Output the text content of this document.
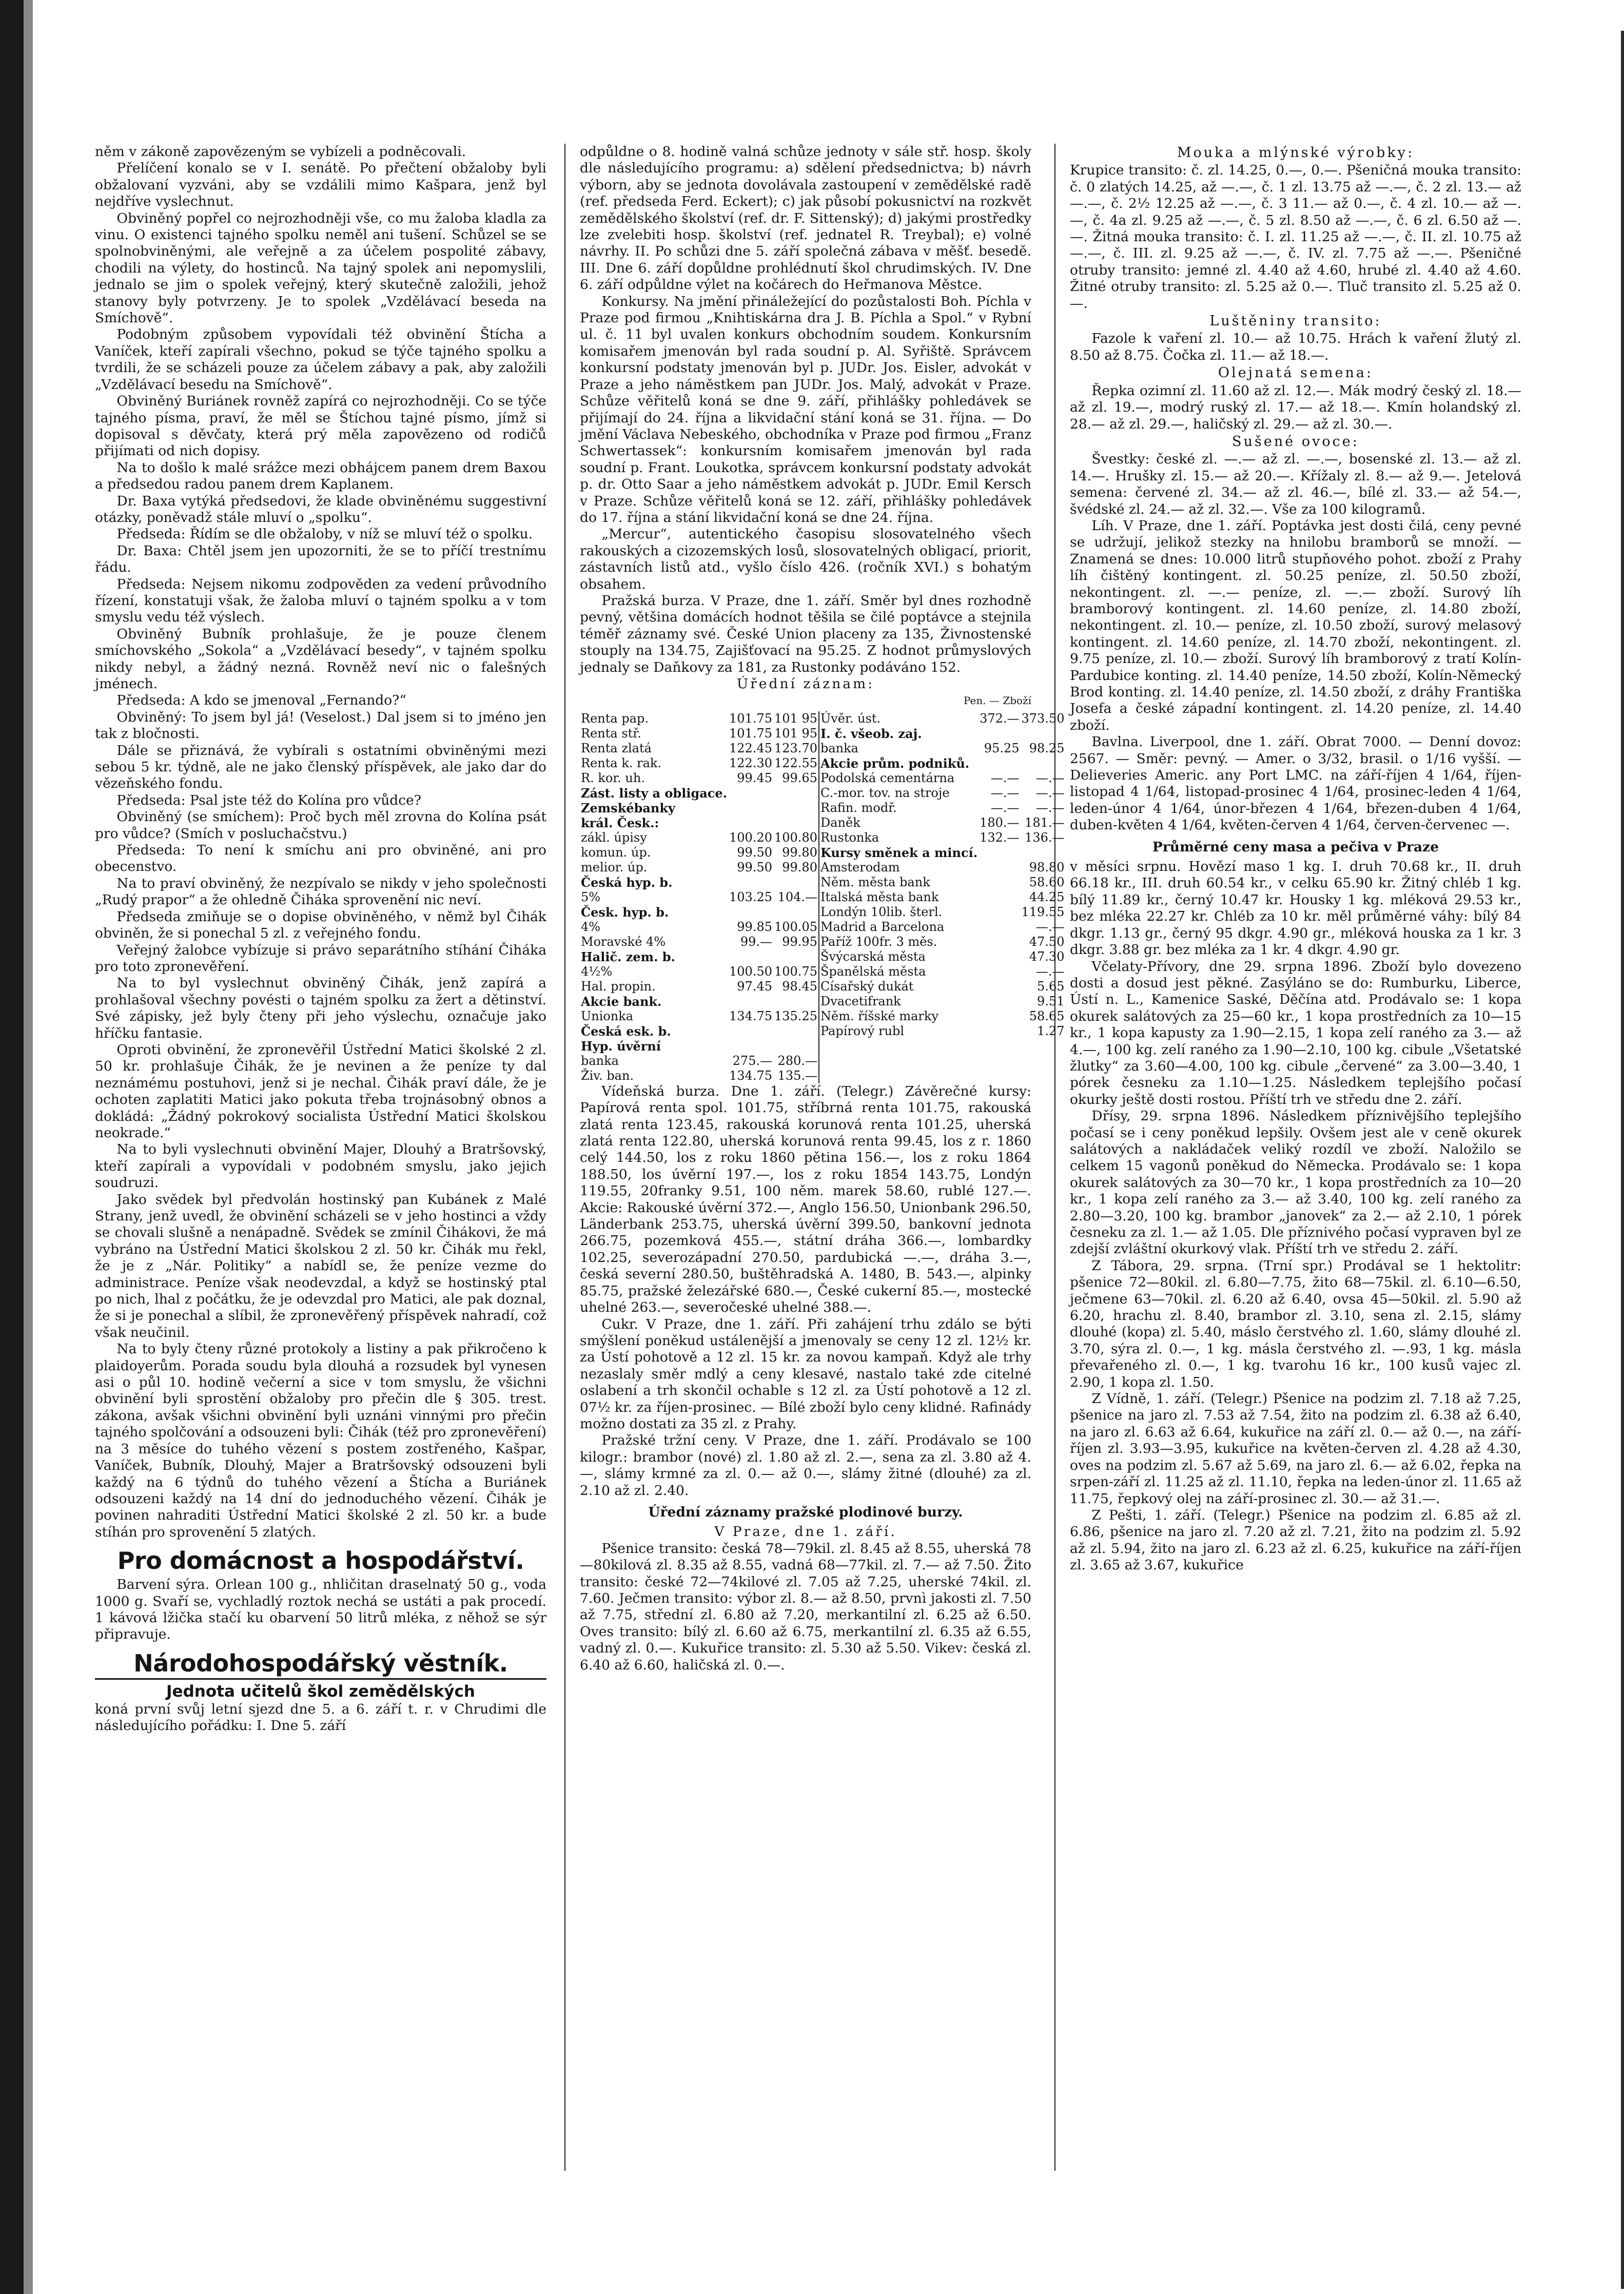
něm v zákoně zapovězeným se vybízeli a podněcovali.

Přelíčení konalo se v I. senátě. Po přečtení obžaloby byli obžalovaní vyzváni, aby se vzdálili mimo Kašpara, jenž byl nejdříve vyslechnut.

Obviněný popřel co nejrozhodněji vše, co mu žaloba kladla za vinu. O existenci tajného spolku neměl ani tušení. Schůzel se se spolnobviněnými, ale veřejně a za účelem pospolité zábavy, chodili na výlety, do hostinců. Na tajný spolek ani nepomyslili, jednalo se jim o spolek veřejný, který skutečně založili, jehož stanovy byly potvrzeny. Je to spolek „Vzdělávací beseda na Smíchově“.

Podobným způsobem vypovídali též obvinění Štícha a Vaníček, kteří zapírali všechno, pokud se týče tajného spolku a tvrdili, že se scházeli pouze za účelem zábavy a pak, aby založili „Vzdělávací besedu na Smíchově“.

Obviněný Buriánek rovněž zapírá co nejrozhodněji. Co se týče tajného písma, praví, že měl se Štíchou tajné písmo, jímž si dopisoval s děvčaty, která prý měla zapovězeno od rodičů přijímati od nich dopisy.

Na to došlo k malé srážce mezi obhájcem panem drem Baxou a předsedou radou panem drem Kaplanem.

Dr. Baxa vytýká předsedovi, že klade obviněnému suggestivní otázky, poněvadž stále mluví o „spolku“.

Předseda: Řídím se dle obžaloby, v níž se mluví též o spolku.

Dr. Baxa: Chtěl jsem jen upozorniti, že se to příčí trestnímu řádu.

Předseda: Nejsem nikomu zodpověden za vedení průvodního řízení, konstatuji však, že žaloba mluví o tajném spolku a v tom smyslu vedu též výslech.

Obviněný Bubník prohlašuje, že je pouze členem smíchovského „Sokola“ a „Vzdělávací besedy“, v tajném spolku nikdy nebyl, a žádný nezná. Rovněž neví nic o falešných jménech.

Předseda: A kdo se jmenoval „Fernando?“

Obviněný: To jsem byl já! (Veselost.) Dal jsem si to jméno jen tak z bločnosti.

Dále se přiznává, že vybírali s ostatními obviněnými mezi sebou 5 kr. týdně, ale ne jako členský příspěvek, ale jako dar do vězeňského fondu.

Předseda: Psal jste též do Kolína pro vůdce?

Obviněný (se smíchem): Proč bych měl zrovna do Kolína psát pro vůdce? (Smích v posluchačstvu.)

Předseda: To není k smíchu ani pro obviněné, ani pro obecenstvo.

Na to praví obviněný, že nezpívalo se nikdy v jeho společnosti „Rudý prapor“ a že ohledně Čiháka sprovenění nic neví.

Předseda zmiňuje se o dopise obviněného, v němž byl Čihák obviněn, že si ponechal 5 zl. z veřejného fondu.

Veřejný žalobce vybízuje si právo separátního stíhání Čiháka pro toto zpronevěření.

Na to byl vyslechnut obviněný Čihák, jenž zapírá a prohlašoval všechny povésti o tajném spolku za žert a dětinství. Své zápisky, jež byly čteny při jeho výslechu, označuje jako hříčku fantasie.

Oproti obvinění, že zpronevěřil Ústřední Matici školské 2 zl. 50 kr. prohlašuje Čihák, že je nevinen a že peníze ty dal neznámému postuhovi, jenž si je nechal. Čihák praví dále, že je ochoten zaplatiti Matici jako pokuta třeba trojnásobný obnos a dokládá: „Žádný pokrokový socialista Ústřední Matici školskou neokrade.“

Na to byli vyslechnuti obvinění Majer, Dlouhý a Bratršovský, kteří zapírali a vypovídali v podobném smyslu, jako jejich soudruzi.

Jako svědek byl předvolán hostinský pan Kubánek z Malé Strany, jenž uvedl, že obvinění scházeli se v jeho hostinci a vždy se chovali slušně a nenápadně. Svědek se zmínil Čihákovi, že má vybráno na Ústřední Matici školskou 2 zl. 50 kr. Čihák mu řekl, že je z „Nár. Politiky“ a nabídl se, že peníze vezme do administrace. Peníze však neodevzdal, a když se hostinský ptal po nich, lhal z počátku, že je odevzdal pro Matici, ale pak doznal, že si je ponechal a slíbil, že zpronevěřený příspěvek nahradí, což však neučinil.

Na to byly čteny různé protokoly a listiny a pak přikročeno k plaidoyerům. Porada soudu byla dlouhá a rozsudek byl vynesen asi o půl 10. hodině večerní a sice v tom smyslu, že všichni obvinění byli sprostění obžaloby pro přečin dle § 305. trest. zákona, avšak všichni obvinění byli uznáni vinnými pro přečin tajného spolčování a odsouzeni byli: Čihák (též pro zpronevěření) na 3 měsíce do tuhého vězení s postem zostřeného, Kašpar, Vaníček, Bubník, Dlouhý, Majer a Bratršovský odsouzeni byli každý na 6 týdnů do tuhého vězení a Štícha a Buriánek odsouzeni každý na 14 dní do jednoduchého vězení. Čihák je povinen nahraditi Ústřední Matici školské 2 zl. 50 kr. a bude stíhán pro sprovenění 5 zlatých.

Pro domácnost a hospodářství.

Barvení sýra. Orlean 100 g., nhličitan draselnatý 50 g., voda 1000 g. Svaří se, vychladlý roztok nechá se ustáti a pak procedí. 1 kávová lžička stačí ku obarvení 50 litrů mléka, z něhož se sýr připravuje.

Národohospodářský věstník.
Jednota učitelů škol zemědělských

koná první svůj letní sjezd dne 5. a 6. září t. r. v Chrudimi dle následujícího pořádku: I. Dne 5. září

odpůldne o 8. hodině valná schůze jednoty v sále stř. hosp. školy dle následujícího programu: a) sdělení předsednictva; b) návrh výborn, aby se jednota dovolávala zastoupení v zemědělské radě (ref. předseda Ferd. Eckert); c) jak působí pokusnictví na rozkvět zemědělského školství (ref. dr. F. Sittenský); d) jakými prostředky lze zvelebiti hosp. školství (ref. jednatel R. Treybal); e) volné návrhy. II. Po schůzi dne 5. září společná zábava v měšť. besedě. III. Dne 6. září dopůldne prohlédnutí škol chrudimských. IV. Dne 6. září odpůldne výlet na kočárech do Heřmanova Městce.

Konkursy. Na jmění přináležející do pozůstalosti Boh. Píchla v Praze pod firmou „Knihtiskárna dra J. B. Píchla a Spol.“ v Rybní ul. č. 11 byl uvalen konkurs obchodním soudem. Konkursním komisařem jmenován byl rada soudní p. Al. Syřiště. Správcem konkursní podstaty jmenován byl p. JUDr. Jos. Eisler, advokát v Praze a jeho náměstkem pan JUDr. Jos. Malý, advokát v Praze. Schůze věřitelů koná se dne 9. září, přihlášky pohledávek se přijímají do 24. října a likvidační stání koná se 31. října. — Do jmění Václava Nebeského, obchodníka v Praze pod firmou „Franz Schwertassek“: konkursním komisařem jmenován byl rada soudní p. Frant. Loukotka, správcem konkursní podstaty advokát p. dr. Otto Saar a jeho náměstkem advokát p. JUDr. Emil Kersch v Praze. Schůze věřitelů koná se 12. září, přihlášky pohledávek do 17. října a stání likvidační koná se dne 24. října.

„Mercur“, autentického časopisu slosovatelného všech rakouských a cizozemských losů, slosovatelných obligací, priorit, zástavních listů atd., vyšlo číslo 426. (ročník XVI.) s bohatým obsahem.

Pražská burza. V Praze, dne 1. září. Směr byl dnes rozhodně pevný, většina domácích hodnot těšila se čilé poptávce a stejnila téměř záznamy své. České Union placeny za 135, Živnostenské stouply na 134.75, Zajišťovací na 95.25. Z hodnot průmyslových jednaly se Daňkovy za 181, za Rustonky podáváno 152.

Úřední záznam:
Pen. — Zboží
Renta pap.	101.75	101 95		Úvěr. úst.	372.—	373.50
Renta stř.	101.75	101 95		I. č. všeob. zaj.		
Renta zlatá	122.45	123.70		banka	95.25	98.25
Renta k. rak.	122.30	122.55		Akcie prům. podniků.		
R. kor. uh.	99.45	99.65		Podolská cementárna	—.—	—.—
Zást. listy a obligace.				C.-mor. tov. na stroje	—.—	—.—
Zemskébanky				Rafin. modř.	—.—	—.—
král. Česk.:				Daněk	180.—	181.—
zákl. úpisy	100.20	100.80		Rustonka	132.—	136.—
komun. úp.	99.50	99.80		Kursy směnek a mincí.		
melior. úp.	99.50	99.80		Amsterodam		98.80
Česká hyp. b.				Něm. města bank		58.60
5%	103.25	104.—		Italská města bank		44.25
Česk. hyp. b.				Londýn 10lib. šterl.		119.55
4%	99.85	100.05		Madrid a Barcelona		—.—
Moravské 4%	99.—	99.95		Paříž 100fr. 3 měs.		47.50
Halič. zem. b.				Švýcarská města		47.30
4½%	100.50	100.75		Španělská města		—.—
Hal. propin.	97.45	98.45		Císařský dukát		5.65
Akcie bank.				Dvacetifrank		9.51
Unionka	134.75	135.25		Něm. říšské marky		58.65
Česká esk. b.				Papírový rubl		1.27
Hyp. úvěrní						
banka	275.—	280.—				
Živ. ban.	134.75	135.—				

Vídeňská burza. Dne 1. září. (Telegr.) Závěrečné kursy: Papírová renta spol. 101.75, stříbrná renta 101.75, rakouská zlatá renta 123.45, rakouská korunová renta 101.25, uherská zlatá renta 122.80, uherská korunová renta 99.45, los z r. 1860 celý 144.50, los z roku 1860 pětina 156.—, los z roku 1864 188.50, los úvěrní 197.—, los z roku 1854 143.75, Londýn 119.55, 20franky 9.51, 100 něm. marek 58.60, rublé 127.—. Akcie: Rakouské úvěrní 372.—, Anglo 156.50, Unionbank 296.50, Länderbank 253.75, uherská úvěrní 399.50, bankovní jednota 266.75, pozemková 455.—, státní dráha 366.—, lombardky 102.25, severozápadní 270.50, pardubická —.—, dráha 3.—, česká severní 280.50, buštěhradská A. 1480, B. 543.—, alpinky 85.75, pražské železářské 680.—, České cukerní 85.—, mostecké uhelné 263.—, severočeské uhelné 388.—.

Cukr. V Praze, dne 1. září. Při zahájení trhu zdálo se býti smýšlení poněkud ustálenější a jmenovaly se ceny 12 zl. 12½ kr. za Ústí pohotově a 12 zl. 15 kr. za novou kampaň. Když ale trhy nezaslaly směr mdlý a ceny klesavé, nastalo také zde citelné oslabení a trh skončil ochable s 12 zl. za Ústí pohotově a 12 zl. 07½ kr. za říjen-prosinec. — Bílé zboží bylo ceny klidné. Rafinády možno dostati za 35 zl. z Prahy.

Pražské tržní ceny. V Praze, dne 1. září. Prodávalo se 100 kilogr.: brambor (nové) zl. 1.80 až zl. 2.—, sena za zl. 3.80 až 4.—, slámy krmné za zl. 0.— až 0.—, slámy žitné (dlouhé) za zl. 2.10 až zl. 2.40.

Úřední záznamy pražské plodinové burzy.
V Praze, dne 1. září.

Pšenice transito: česká 78—79kil. zl. 8.45 až 8.55, uherská 78—80kilová zl. 8.35 až 8.55, vadná 68—77kil. zl. 7.— až 7.50. Žito transito: české 72—74kilové zl. 7.05 až 7.25, uherské 74kil. zl. 7.60. Ječmen transito: výbor zl. 8.— až 8.50, prvnì jakosti zl. 7.50 až 7.75, střední zl. 6.80 až 7.20, merkantilní zl. 6.25 až 6.50. Oves transito: bílý zl. 6.60 až 6.75, merkantilní zl. 6.35 až 6.55, vadný zl. 0.—. Kukuřice transito: zl. 5.30 až 5.50. Vikev: česká zl. 6.40 až 6.60, haličská zl. 0.—.

Mouka a mlýnské výrobky:

Krupice transito: č. zl. 14.25, 0.—, 0.—. Pšeničná mouka transito: č. 0 zlatých 14.25, až —.—, č. 1 zl. 13.75 až —.—, č. 2 zl. 13.— až —.—, č. 2½ 12.25 až —.—, č. 3 11.— až 0.—, č. 4 zl. 10.— až —.—, č. 4a zl. 9.25 až —.—, č. 5 zl. 8.50 až —.—, č. 6 zl. 6.50 až —.—. Žitná mouka transito: č. I. zl. 11.25 až —.—, č. II. zl. 10.75 až —.—, č. III. zl. 9.25 až —.—, č. IV. zl. 7.75 až —.—. Pšeničné otruby transito: jemné zl. 4.40 až 4.60, hrubé zl. 4.40 až 4.60. Žitné otruby transito: zl. 5.25 až 0.—. Tluč transito zl. 5.25 až 0.—.

Luštěniny transito:

Fazole k vaření zl. 10.— až 10.75. Hrách k vaření žlutý zl. 8.50 až 8.75. Čočka zl. 11.— až 18.—.

Olejnatá semena:

Řepka ozimní zl. 11.60 až zl. 12.—. Mák modrý český zl. 18.— až zl. 19.—, modrý ruský zl. 17.— až 18.—. Kmín holandský zl. 28.— až zl. 29.—, haličský zl. 29.— až zl. 30.—.

Sušené ovoce:

Švestky: české zl. —.— až zl. —.—, bosenské zl. 13.— až zl. 14.—. Hrušky zl. 15.— až 20.—. Křížaly zl. 8.— až 9.—. Jetelová semena: červené zl. 34.— až zl. 46.—, bílé zl. 33.— až 54.—, švédské zl. 24.— až zl. 32.—. Vše za 100 kilogramů.

Líh. V Praze, dne 1. září. Poptávka jest dosti čilá, ceny pevné se udržují, jelikož stezky na hnilobu bramborů se množí. — Znamená se dnes: 10.000 litrů stupňového pohot. zboží z Prahy líh čištěný kontingent. zl. 50.25 peníze, zl. 50.50 zboží, nekontingent. zl. —.— peníze, zl. —.— zboží. Surový líh bramborový kontingent. zl. 14.60 peníze, zl. 14.80 zboží, nekontingent. zl. 10.— peníze, zl. 10.50 zboží, surový melasový kontingent. zl. 14.60 peníze, zl. 14.70 zboží, nekontingent. zl. 9.75 peníze, zl. 10.— zboží. Surový líh bramborový z tratí Kolín-Pardubice konting. zl. 14.40 peníze, 14.50 zboží, Kolín-Německý Brod konting. zl. 14.40 peníze, zl. 14.50 zboží, z dráhy Františka Josefa a české západní kontingent. zl. 14.20 peníze, zl. 14.40 zboží.

Bavlna. Liverpool, dne 1. září. Obrat 7000. — Denní dovoz: 2567. — Směr: pevný. — Amer. o 3/32, brasil. o 1/16 vyšší. — Delieveries Americ. any Port LMC. na září-říjen 4 1/64, říjen-listopad 4 1/64, listopad-prosinec 4 1/64, prosinec-leden 4 1/64, leden-únor 4 1/64, únor-březen 4 1/64, březen-duben 4 1/64, duben-květen 4 1/64, květen-červen 4 1/64, červen-červenec —.

Průměrné ceny masa a pečiva v Praze

v měsíci srpnu. Hovězí maso 1 kg. I. druh 70.68 kr., II. druh 66.18 kr., III. druh 60.54 kr., v celku 65.90 kr. Žitný chléb 1 kg. bílý 11.89 kr., černý 10.47 kr. Housky 1 kg. mléková 29.53 kr., bez mléka 22.27 kr. Chléb za 10 kr. měl průměrné váhy: bílý 84 dkgr. 1.13 gr., černý 95 dkgr. 4.90 gr., mléková houska za 1 kr. 3 dkgr. 3.88 gr. bez mléka za 1 kr. 4 dkgr. 4.90 gr.

Včelaty-Přívory, dne 29. srpna 1896. Zboží bylo dovezeno dosti a dosud jest pěkné. Zasýláno se do: Rumburku, Liberce, Ústí n. L., Kamenice Saské, Děčína atd. Prodávalo se: 1 kopa okurek salátových za 25—60 kr., 1 kopa prostředních za 10—15 kr., 1 kopa kapusty za 1.90—2.15, 1 kopa zelí raného za 3.— až 4.—, 100 kg. zelí raného za 1.90—2.10, 100 kg. cibule „Všetatské žlutky“ za 3.60—4.00, 100 kg. cibule „červené“ za 3.00—3.40, 1 pórek česneku za 1.10—1.25. Následkem teplejšího počasí okurky ještě dosti rostou. Příští trh ve středu dne 2. září.

Dřísy, 29. srpna 1896. Následkem příznivějšího teplejšího počasí se i ceny poněkud lepšily. Ovšem jest ale v ceně okurek salátových a nakládaček veliký rozdíl ve zboží. Naložilo se celkem 15 vagonů poněkud do Německa. Prodávalo se: 1 kopa okurek salátových za 30—70 kr., 1 kopa prostředních za 10—20 kr., 1 kopa zelí raného za 3.— až 3.40, 100 kg. zelí raného za 2.80—3.20, 100 kg. brambor „janovek“ za 2.— až 2.10, 1 pórek česneku za zl. 1.— až 1.05. Dle příznivého počasí vypraven byl ze zdejší zvláštní okurkový vlak. Příští trh ve středu 2. září.

Z Tábora, 29. srpna. (Trní spr.) Prodával se 1 hektolitr: pšenice 72—80kil. zl. 6.80—7.75, žito 68—75kil. zl. 6.10—6.50, ječmene 63—70kil. zl. 6.20 až 6.40, ovsa 45—50kil. zl. 5.90 až 6.20, hrachu zl. 8.40, brambor zl. 3.10, sena zl. 2.15, slámy dlouhé (kopa) zl. 5.40, máslo čerstvého zl. 1.60, slámy dlouhé zl. 3.70, sýra zl. 0.—, 1 kg. másla čerstvého zl. —.93, 1 kg. másla převařeného zl. 0.—, 1 kg. tvarohu 16 kr., 100 kusů vajec zl. 2.90, 1 kopa zl. 1.50.

Z Vídně, 1. září. (Telegr.) Pšenice na podzim zl. 7.18 až 7.25, pšenice na jaro zl. 7.53 až 7.54, žito na podzim zl. 6.38 až 6.40, na jaro zl. 6.63 až 6.64, kukuřice na září zl. 0.— až 0.—, na září-říjen zl. 3.93—3.95, kukuřice na květen-červen zl. 4.28 až 4.30, oves na podzim zl. 5.67 až 5.69, na jaro zl. 6.— až 6.02, řepka na srpen-září zl. 11.25 až zl. 11.10, řepka na leden-únor zl. 11.65 až 11.75, řepkový olej na září-prosinec zl. 30.— až 31.—.

Z Pešti, 1. září. (Telegr.) Pšenice na podzim zl. 6.85 až zl. 6.86, pšenice na jaro zl. 7.20 až zl. 7.21, žito na podzim zl. 5.92 až zl. 5.94, žito na jaro zl. 6.23 až zl. 6.25, kukuřice na září-říjen zl. 3.65 až 3.67, kukuřice
